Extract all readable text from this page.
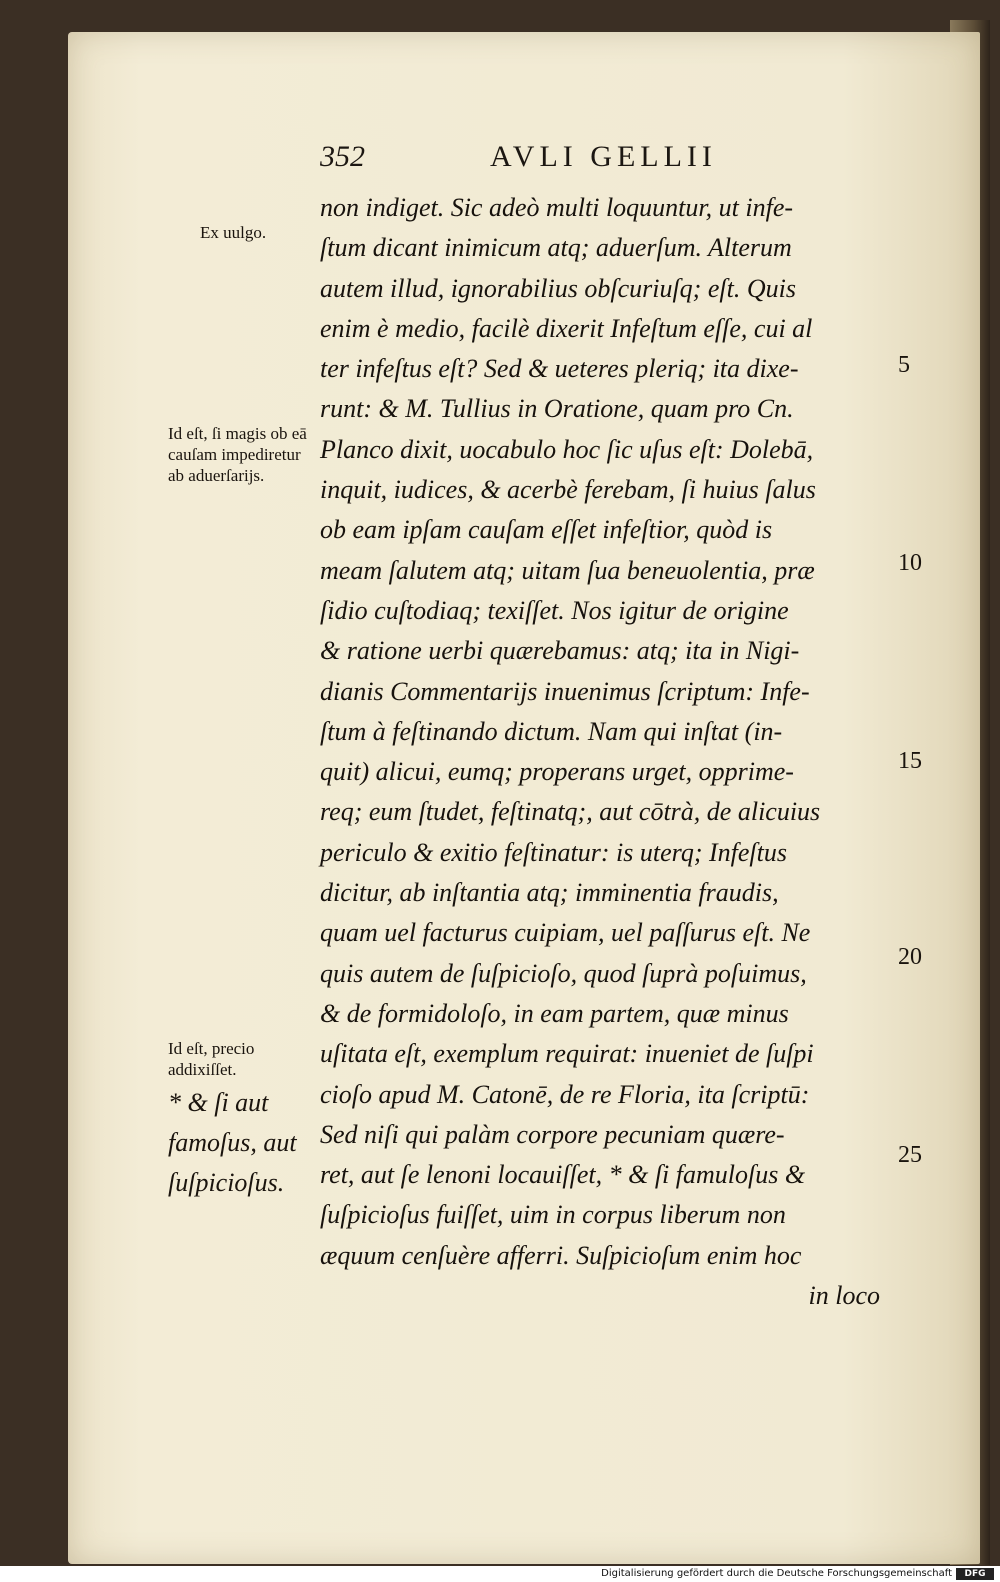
352	AVLI GELLII
non indiget. Sic adeò multi loquuntur, ut infe-
ſtum dicant inimicum atq; aduerſum. Alterum
autem illud, ignorabilius obſcuriuſq; eſt. Quis
enim è medio, facilè dixerit Infeſtum eſſe, cui al
ter infeſtus eſt? Sed & ueteres pleriq; ita dixe-
runt: & M. Tullius in Oratione, quam pro Cn.
Planco dixit, uocabulo hoc ſic uſus eſt: Dolebā,
inquit, iudices, & acerbè ferebam, ſi huius ſalus
ob eam ipſam cauſam eſſet infeſtior, quòd is
meam ſalutem atq; uitam ſua beneuolentia, præ
ſidio cuſtodiaq; texiſſet. Nos igitur de origine
& ratione uerbi quærebamus: atq; ita in Nigi-
dianis Commentarijs inuenimus ſcriptum: Infe-
ſtum à feſtinando dictum. Nam qui inſtat (in-
quit) alicui, eumq; properans urget, opprime-
req; eum ſtudet, feſtinatq;, aut cōtrà, de alicuius
periculo & exitio feſtinatur: is uterq; Infeſtus
dicitur, ab inſtantia atq; imminentia fraudis,
quam uel facturus cuipiam, uel paſſurus eſt. Ne
quis autem de ſuſpicioſo, quod ſuprà poſuimus,
& de formidoloſo, in eam partem, quæ minus
uſitata eſt, exemplum requirat: inueniet de ſuſpi
cioſo apud M. Catonē, de re Floria, ita ſcriptū:
Sed niſi qui palàm corpore pecuniam quære-
ret, aut ſe lenoni locauiſſet, * & ſi famuloſus &
ſuſpicioſus fuiſſet, uim in corpus liberum non
æquum cenſuère afferri. Suſpicioſum enim hoc
in loco
Ex uulgo.
Id eſt, ſi magis ob eā cauſam impediretur ab aduerſarijs.
Id eſt, precio addixiſſet.
* & ſi aut famoſus, aut ſuſpicioſus.
5
10
15
20
25
Digitalisierung gefördert durch die Deutsche Forschungsgemeinschaft	DFG
